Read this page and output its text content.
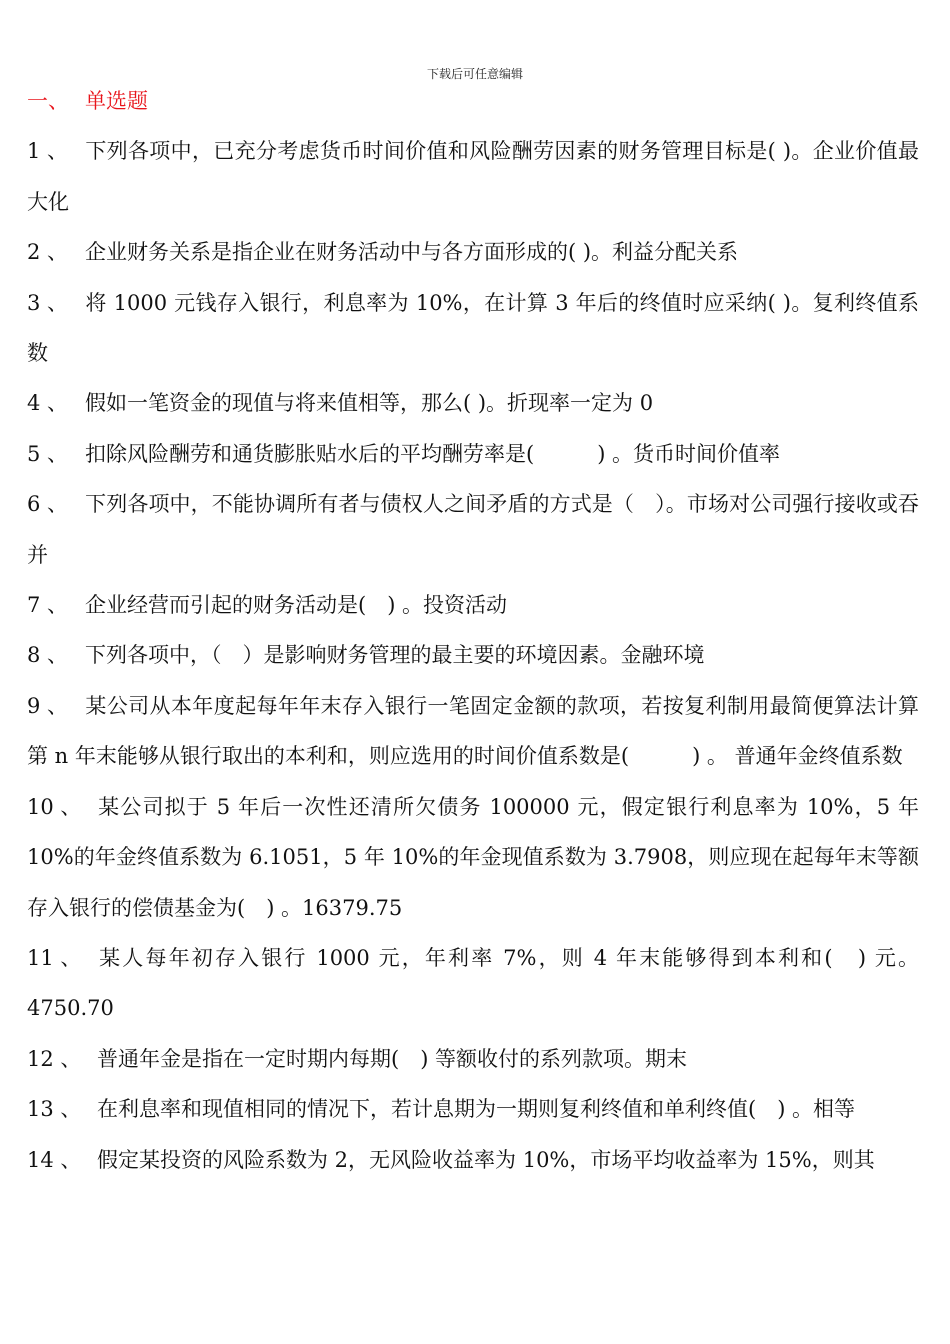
下载后可任意编辑
一、 单选题
1 、 下列各项中，已充分考虑货币时间价值和风险酬劳因素的财务管理目标是( )。企业价值最大化
2 、 企业财务关系是指企业在财务活动中与各方面形成的( )。利益分配关系
3 、 将 1000 元钱存入银行，利息率为 10%，在计算 3 年后的终值时应采纳( )。复利终值系数
4 、 假如一笔资金的现值与将来值相等，那么( )。折现率一定为 0
5 、 扣除风险酬劳和通货膨胀贴水后的平均酬劳率是(　　　) 。货币时间价值率
6 、 下列各项中，不能协调所有者与债权人之间矛盾的方式是（　）。市场对公司强行接收或吞并
7 、 企业经营而引起的财务活动是(　) 。投资活动
8 、 下列各项中，（　）是影响财务管理的最主要的环境因素。金融环境
9 、 某公司从本年度起每年年末存入银行一笔固定金额的款项，若按复利制用最简便算法计算第 n 年末能够从银行取出的本利和，则应选用的时间价值系数是(　　　) 。 普通年金终值系数
10 、 某公司拟于 5 年后一次性还清所欠债务 100000 元，假定银行利息率为 10%，5 年 10%的年金终值系数为 6.1051，5 年 10%的年金现值系数为 3.7908，则应现在起每年末等额存入银行的偿债基金为(　) 。16379.75
11 、 某人每年初存入银行 1000 元，年利率 7%，则 4 年末能够得到本利和(　) 元。4750.70
12 、 普通年金是指在一定时期内每期(　) 等额收付的系列款项。期末
13 、 在利息率和现值相同的情况下，若计息期为一期则复利终值和单利终值(　) 。相等
14 、 假定某投资的风险系数为 2，无风险收益率为 10%，市场平均收益率为 15%，则其
